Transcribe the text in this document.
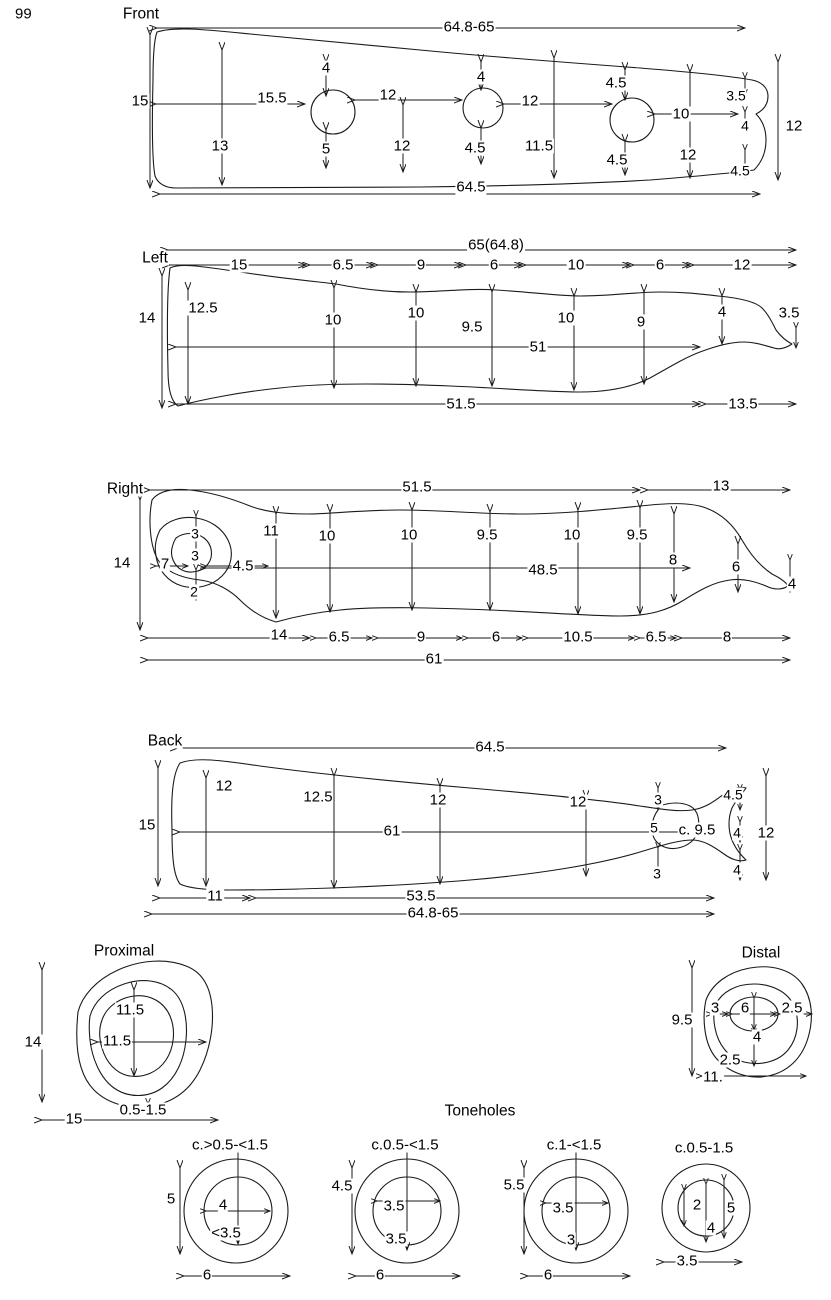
99	Front
64.8-65
15
13
15.5
4
5
12
12
4
4.5
12
11.5
4.5
4.5
10
12
3.5
4
4.5
12
64.5
Left
65(64.8)
15	6.5	9	6	10	6	12
14
12.5
10	10
9.5
10	9
4	3.5
51
51.5	13.5
Right	51.5	13
14
3
3
2
7	4.5
11	10	10	9.5	10	9.5
8	6
4
48.5
14	6.5	9	6	10.5	6.5	8
61
Back	64.5
15
12
12.5	12	12
61
3
5
3
c. 9.5
4.5
4
4
12
11	53.5
64.8-65
Proximal
14
11.5
11.5
0.5-1.5
15
Distal
9.5
3 6 2.5
4
2.5
11.
Toneholes
c.>0.5-<1.5
5	4
<3.5
6
c.0.5-<1.5
4.5
3.5
3.5
6
c.1-<1.5
5.5
3.5
3
6
c.0.5-1.5
2
4
5
3.5
